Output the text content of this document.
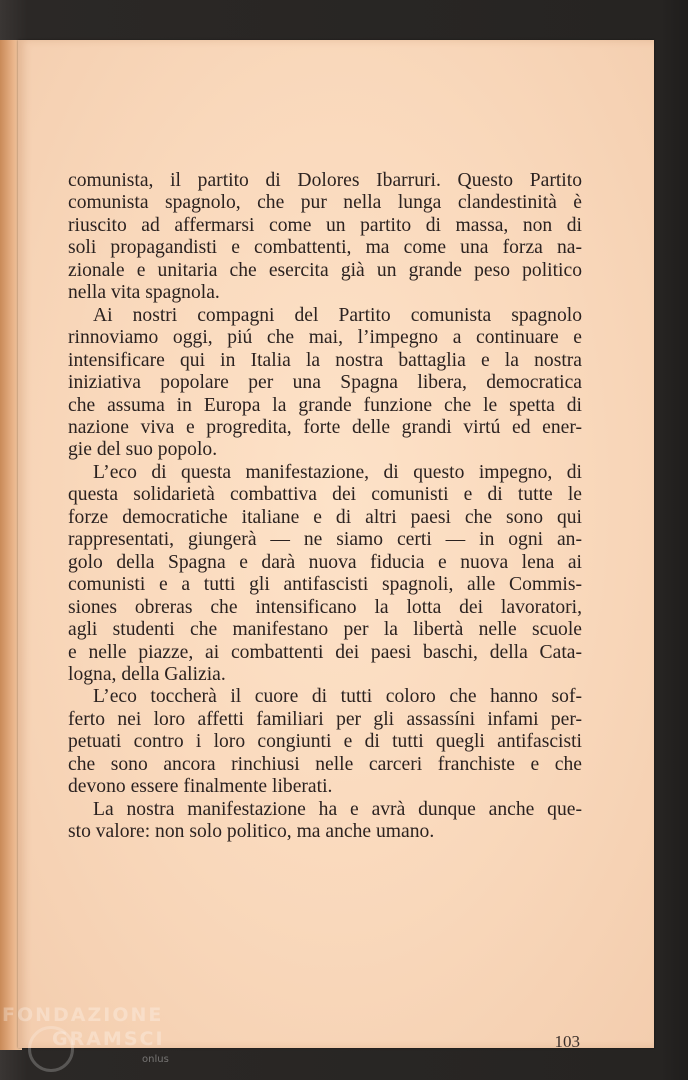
comunista, il partito di Dolores Ibarruri. Questo Partito
comunista spagnolo, che pur nella lunga clandestinità è
riuscito ad affermarsi come un partito di massa, non di
soli propagandisti e combattenti, ma come una forza na-
zionale e unitaria che esercita già un grande peso politico
nella vita spagnola.
Ai nostri compagni del Partito comunista spagnolo
rinnoviamo oggi, piú che mai, l’impegno a continuare e
intensificare qui in Italia la nostra battaglia e la nostra
iniziativa popolare per una Spagna libera, democratica
che assuma in Europa la grande funzione che le spetta di
nazione viva e progredita, forte delle grandi virtú ed ener-
gie del suo popolo.
L’eco di questa manifestazione, di questo impegno, di
questa solidarietà combattiva dei comunisti e di tutte le
forze democratiche italiane e di altri paesi che sono qui
rappresentati, giungerà — ne siamo certi — in ogni an-
golo della Spagna e darà nuova fiducia e nuova lena ai
comunisti e a tutti gli antifascisti spagnoli, alle Commis-
siones obreras che intensificano la lotta dei lavoratori,
agli studenti che manifestano per la libertà nelle scuole
e nelle piazze, ai combattenti dei paesi baschi, della Cata-
logna, della Galizia.
L’eco toccherà il cuore di tutti coloro che hanno sof-
ferto nei loro affetti familiari per gli assassíni infami per-
petuati contro i loro congiunti e di tutti quegli antifascisti
che sono ancora rinchiusi nelle carceri franchiste e che
devono essere finalmente liberati.
La nostra manifestazione ha e avrà dunque anche que-
sto valore: non solo politico, ma anche umano.
103
FONDAZIONE
GRAMSCI
onlus
